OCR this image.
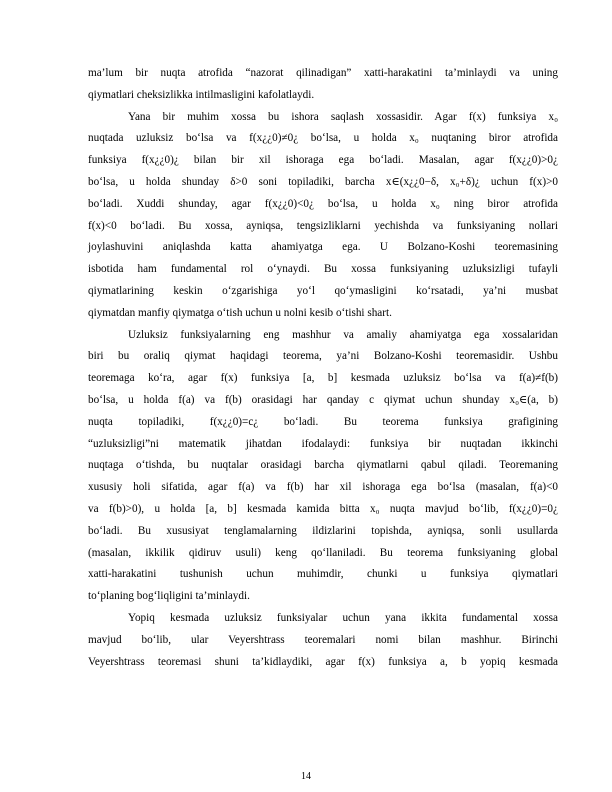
ma’lum bir nuqta atrofida “nazorat qilinadigan” xatti-harakatini ta’minlaydi va uning
qiymatlari cheksizlikka intilmasligini kafolatlaydi.
Yana bir muhim xossa bu ishora saqlash xossasidir. Agar f(x) funksiya x₀
nuqtada uzluksiz bo‘lsa va f(x¿¿0)≠0¿ bo‘lsa, u holda x₀ nuqtaning biror atrofida
funksiya f(x¿¿0)¿ bilan bir xil ishoraga ega bo‘ladi. Masalan, agar f(x¿¿0)>0¿
bo‘lsa, u holda shunday δ>0 soni topiladiki, barcha x∈(x¿¿0−δ, x₀+δ)¿ uchun f(x)>0
bo‘ladi. Xuddi shunday, agar f(x¿¿0)<0¿ bo‘lsa, u holda x₀ ning biror atrofida
f(x)<0 bo‘ladi. Bu xossa, ayniqsa, tengsizliklarni yechishda va funksiyaning nollari
joylashuvini aniqlashda katta ahamiyatga ega. U Bolzano-Koshi teoremasining
isbotida ham fundamental rol o‘ynaydi. Bu xossa funksiyaning uzluksizligi tufayli
qiymatlarining keskin o‘zgarishiga yo‘l qo‘ymasligini ko‘rsatadi, ya’ni musbat
qiymatdan manfiy qiymatga o‘tish uchun u nolni kesib o‘tishi shart.
Uzluksiz funksiyalarning eng mashhur va amaliy ahamiyatga ega xossalaridan
biri bu oraliq qiymat haqidagi teorema, ya’ni Bolzano-Koshi teoremasidir. Ushbu
teoremaga ko‘ra, agar f(x) funksiya [a, b] kesmada uzluksiz bo‘lsa va f(a)≠f(b)
bo‘lsa, u holda f(a) va f(b) orasidagi har qanday c qiymat uchun shunday x₀∈(a, b)
nuqta topiladiki, f(x¿¿0)=c¿ bo‘ladi. Bu teorema funksiya grafigining
“uzluksizligi”ni matematik jihatdan ifodalaydi: funksiya bir nuqtadan ikkinchi
nuqtaga o‘tishda, bu nuqtalar orasidagi barcha qiymatlarni qabul qiladi. Teoremaning
xususiy holi sifatida, agar f(a) va f(b) har xil ishoraga ega bo‘lsa (masalan, f(a)<0
va f(b)>0), u holda [a, b] kesmada kamida bitta x₀ nuqta mavjud bo‘lib, f(x¿¿0)=0¿
bo‘ladi. Bu xususiyat tenglamalarning ildizlarini topishda, ayniqsa, sonli usullarda
(masalan, ikkilik qidiruv usuli) keng qo‘llaniladi. Bu teorema funksiyaning global
xatti-harakatini tushunish uchun muhimdir, chunki u funksiya qiymatlari
to‘planing bog‘liqligini ta’minlaydi.
Yopiq kesmada uzluksiz funksiyalar uchun yana ikkita fundamental xossa
mavjud bo‘lib, ular Veyershtrass teoremalari nomi bilan mashhur. Birinchi
Veyershtrass teoremasi shuni ta’kidlaydiki, agar f(x) funksiya a, b yopiq kesmada
14
